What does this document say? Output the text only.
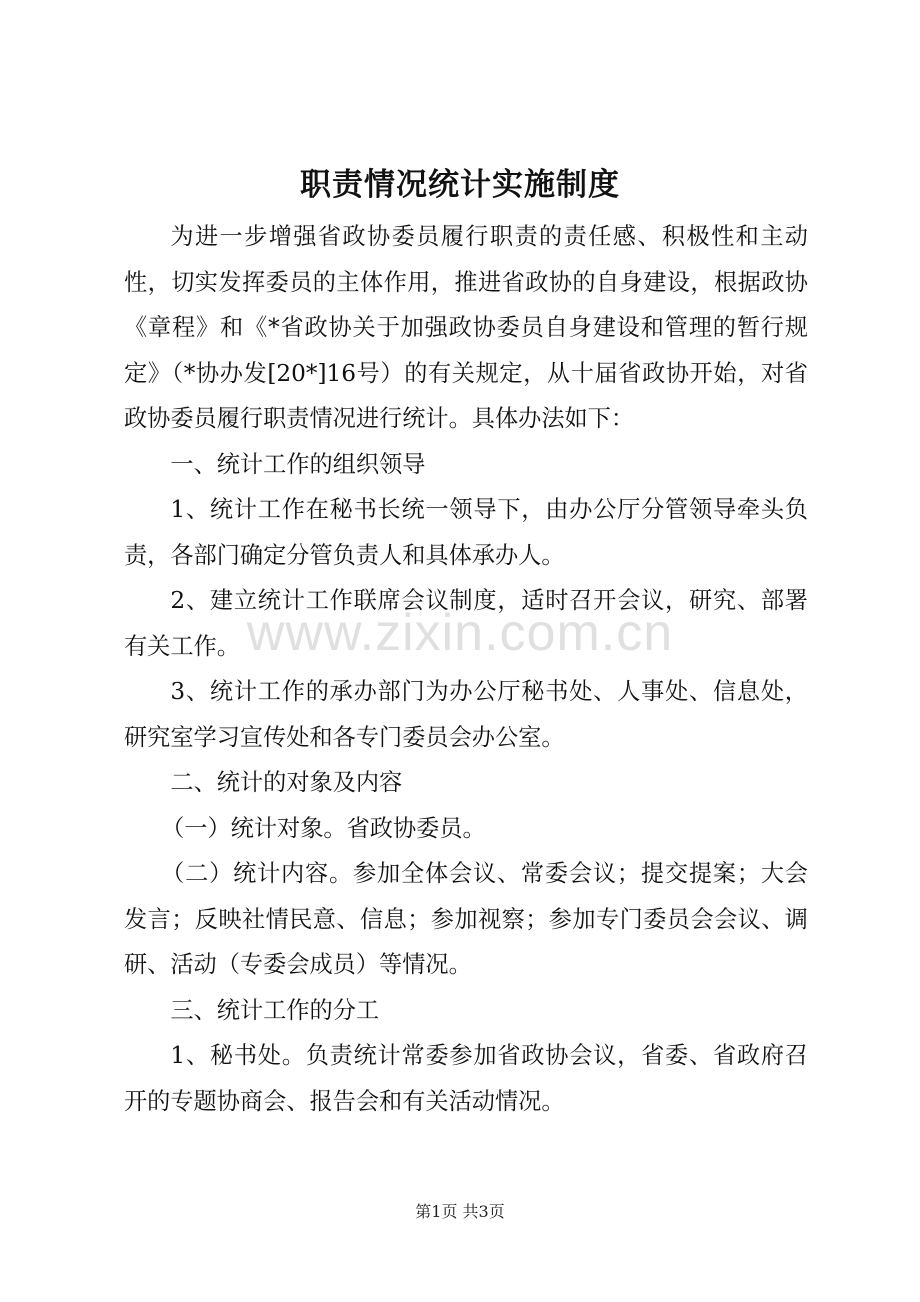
职责情况统计实施制度

为进一步增强省政协委员履行职责的责任感、积极性和主动性，切实发挥委员的主体作用，推进省政协的自身建设，根据政协《章程》和《*省政协关于加强政协委员自身建设和管理的暂行规定》（*协办发[20*]16号）的有关规定，从十届省政协开始，对省政协委员履行职责情况进行统计。具体办法如下：

一、统计工作的组织领导

1、统计工作在秘书长统一领导下，由办公厅分管领导牵头负责，各部门确定分管负责人和具体承办人。

2、建立统计工作联席会议制度，适时召开会议，研究、部署有关工作。

3、统计工作的承办部门为办公厅秘书处、人事处、信息处，研究室学习宣传处和各专门委员会办公室。

二、统计的对象及内容

（一）统计对象。省政协委员。

（二）统计内容。参加全体会议、常委会议；提交提案；大会发言；反映社情民意、信息；参加视察；参加专门委员会会议、调研、活动（专委会成员）等情况。

三、统计工作的分工

1、秘书处。负责统计常委参加省政协会议，省委、省政府召开的专题协商会、报告会和有关活动情况。

www.zixin.com.cn
第1页 共3页
